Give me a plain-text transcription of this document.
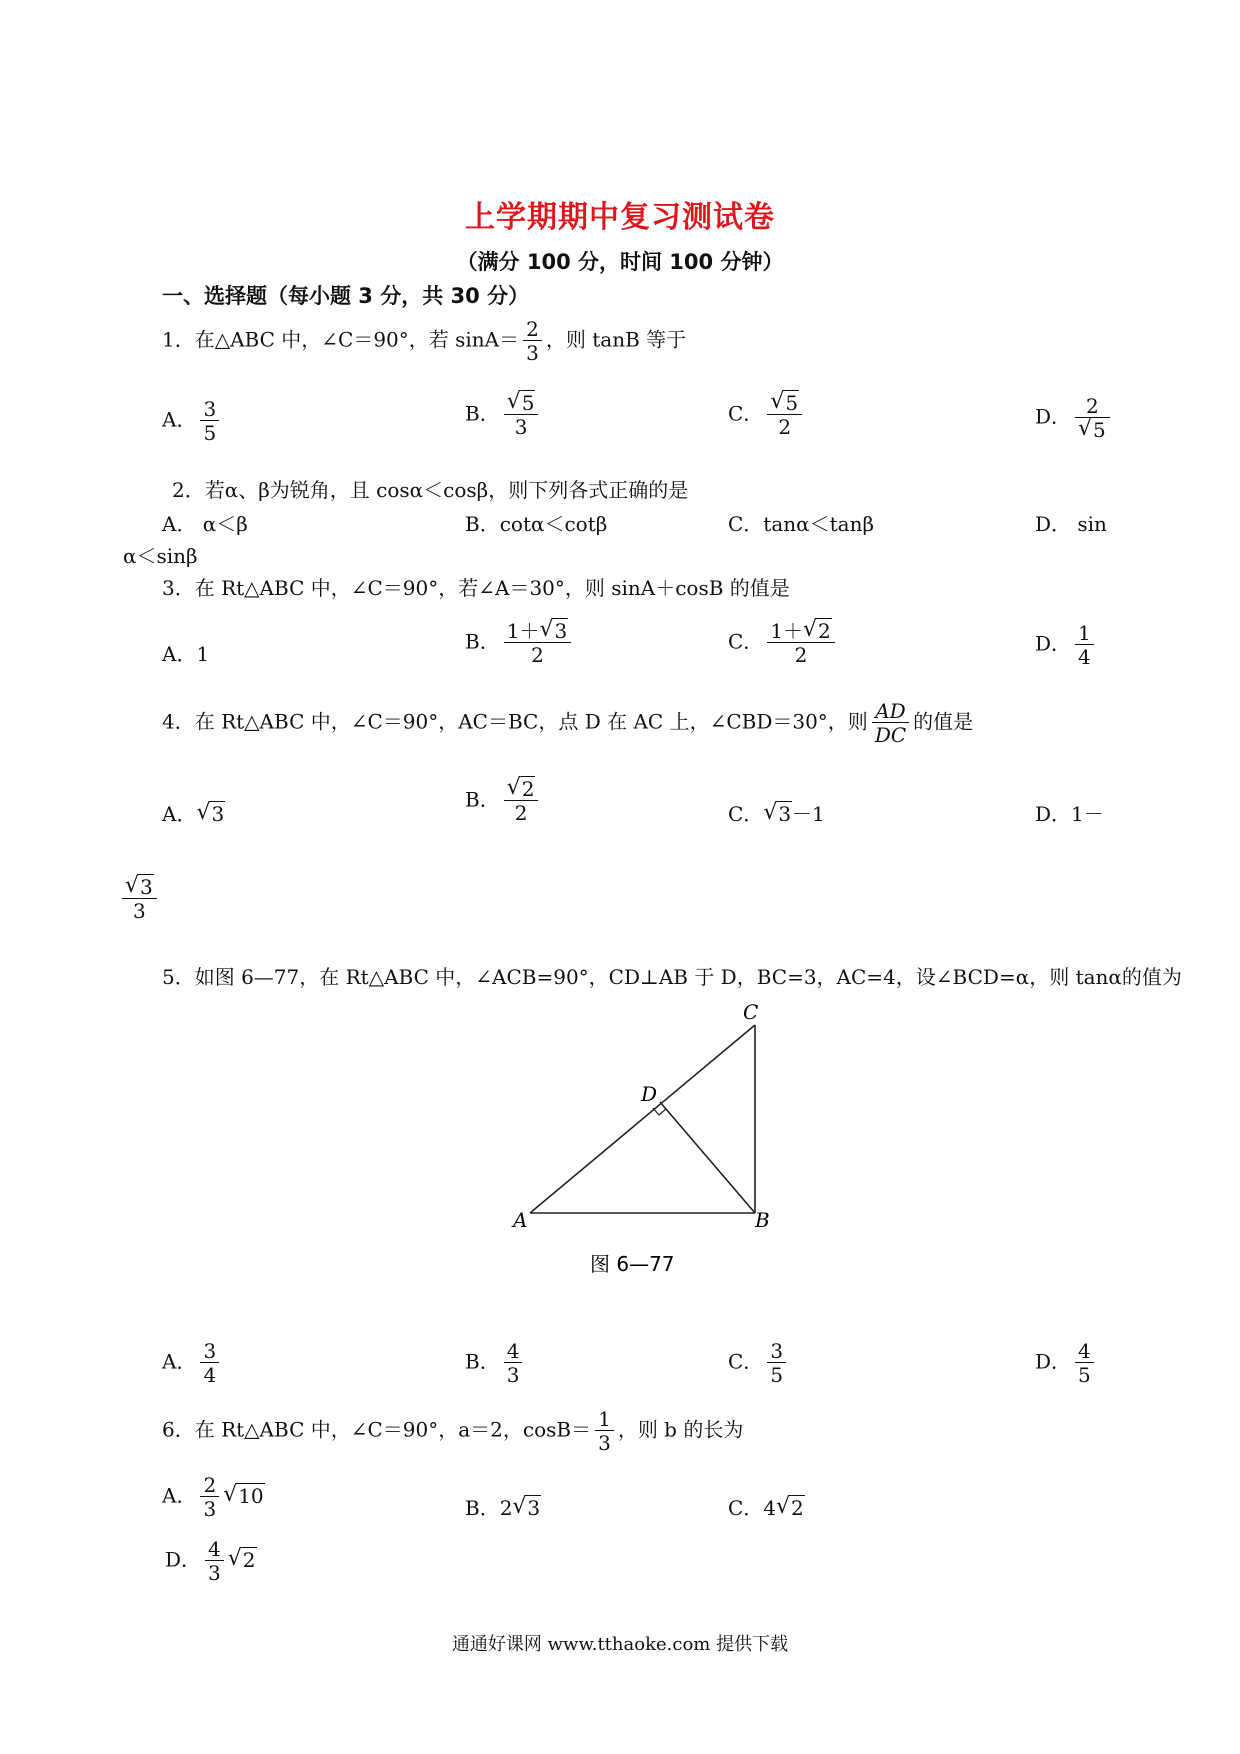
上学期期中复习测试卷
（满分 100 分，时间 100 分钟）
一、选择题（每小题 3 分，共 30 分）
1．在△ABC 中，∠C＝90°，若 $\sin A= \frac{2}{3}$ ，则 tanB 等于
A． $\frac{3}{5}$	B． $\frac{√ 5}{3}$	C． $\frac{√ 5}{2}$	D． $\frac{2}{√ 5}$
2．若α、β为锐角，且 cosα＜cosβ，则下列各式正确的是
A． α＜β	B．cotα＜cotβ	C．tanα＜tanβ	D． sin
α＜sinβ
3．在 Rt△ABC 中，∠C＝90°，若∠A＝30°，则 sinA＋cosB 的值是
A．1
B． $\frac{1+ √ 3}{2}$	C． $\frac{1+ √ 2}{2}$	D． $\frac{1}{4}$
4．在 Rt△ABC 中，∠C＝90°，AC＝BC，点 D 在 AC 上，∠CBD＝30°，则 $\frac{AD}{DC}$ 的值是
A． √ 3
B． $\frac{√ 2}{2}$	C． √ 3－1	D．1－
$\frac{√ 3}{3}$
5．如图 6—77，在 Rt△ABC 中，∠ACB=90°，CD⊥AB 于 D，BC=3，AC=4，设∠BCD=α，则 tanα的值为
C
D
A	B
图 6—77
A． $\frac{3}{4}$	B． $\frac{4}{3}$	C． $\frac{3}{5}$	D． $\frac{4}{5}$
6．在 Rt△ABC 中，∠C＝90°，a＝2，$\cos B= \frac{1}{3}$ ，则 b 的长为
A． $\frac{2}{3}$ √ 10
B．2 √ 3	C．4 √ 2
D． $\frac{4}{3}$ √ 2
通通好课网 www.tthaoke.com 提供下载
